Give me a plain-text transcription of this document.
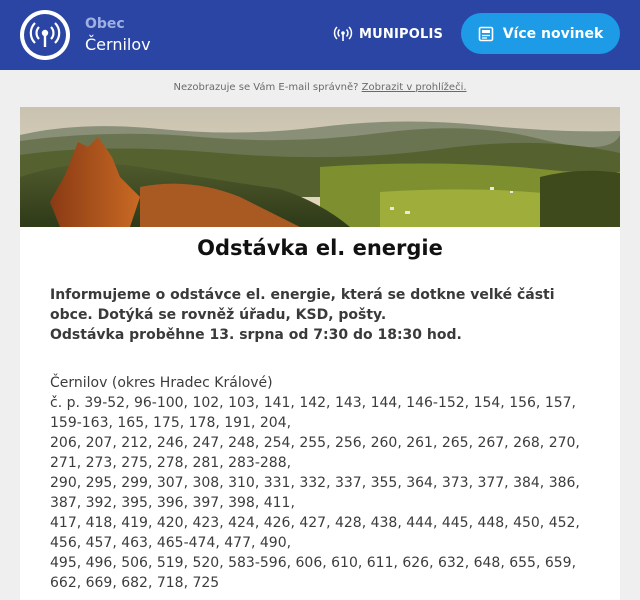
Obec
Černilov
MUNIPOLIS	Více novinek
Nezobrazuje se Vám E-mail správně? Zobrazit v prohlížeči.
Odstávka el. energie
Informujeme o odstávce el. energie, která se dotkne velké části obce. Dotýká se rovněž úřadu, KSD, pošty.
Odstávka proběhne 13. srpna od 7:30 do 18:30 hod.
Černilov (okres Hradec Králové)
č. p. 39-52, 96-100, 102, 103, 141, 142, 143, 144, 146-152, 154, 156, 157, 159-163, 165, 175, 178, 191, 204,
206, 207, 212, 246, 247, 248, 254, 255, 256, 260, 261, 265, 267, 268, 270, 271, 273, 275, 278, 281, 283-288,
290, 295, 299, 307, 308, 310, 331, 332, 337, 355, 364, 373, 377, 384, 386, 387, 392, 395, 396, 397, 398, 411,
417, 418, 419, 420, 423, 424, 426, 427, 428, 438, 444, 445, 448, 450, 452, 456, 457, 463, 465-474, 477, 490,
495, 496, 506, 519, 520, 583-596, 606, 610, 611, 626, 632, 648, 655, 659, 662, 669, 682, 718, 725
